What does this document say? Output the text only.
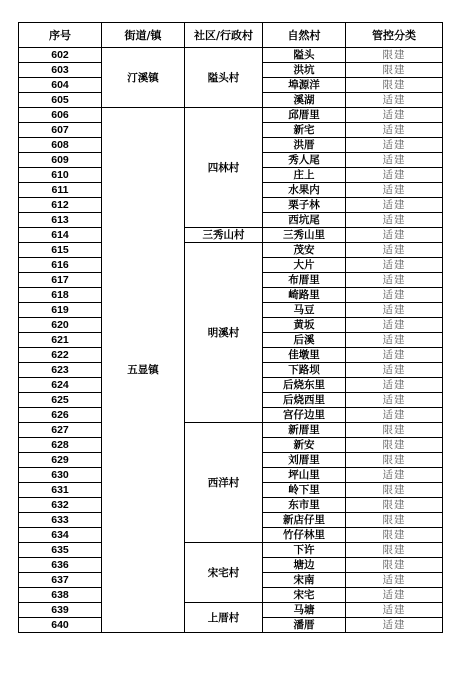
序号	街道/镇	社区/行政村	自然村	管控分类
602	汀溪镇	隘头村	隘头	限建
603			洪坑	限建
604			埠源洋	限建
605			溪湖	适建
606	五显镇	四林村	邱厝里	适建
607			新宅	适建
608			洪厝	适建
609			秀人尾	适建
610			庄上	适建
611			水果内	适建
612			栗子林	适建
613			西坑尾	适建
614		三秀山村	三秀山里	适建
615		明溪村	茂安	适建
616			大片	适建
617			布厝里	适建
618			崎路里	适建
619			马豆	适建
620			黄坂	适建
621			后溪	适建
622			佳墩里	适建
623			下路坝	适建
624			后烧东里	适建
625			后烧西里	适建
626			宫仔边里	适建
627		西洋村	新厝里	限建
628			新安	限建
629			刘厝里	限建
630			坪山里	适建
631			岭下里	限建
632			东市里	限建
633			新店仔里	限建
634			竹仔林里	限建
635		宋宅村	下许	限建
636			塘边	限建
637			宋南	适建
638			宋宅	适建
639		上厝村	马塘	适建
640			潘厝	适建
